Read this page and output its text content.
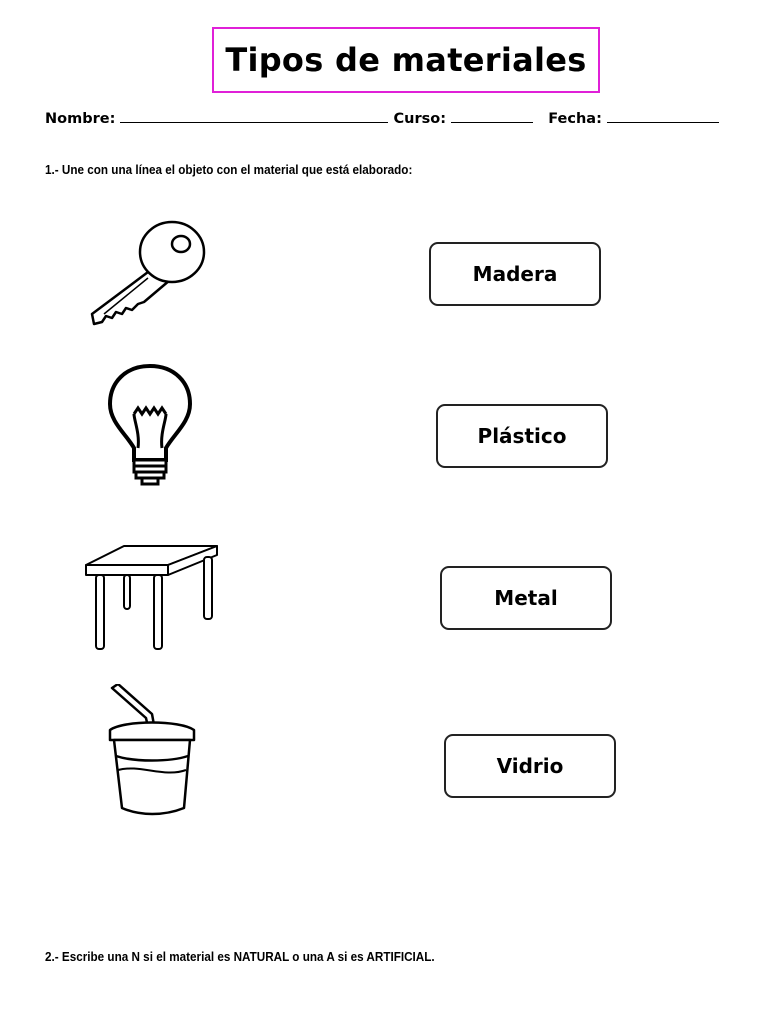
Tipos de materiales
Nombre:	Curso:	Fecha:
1.- Une con una línea el objeto con el material que está elaborado:
Madera
Plástico
Metal
Vidrio
2.- Escribe una N si el material es NATURAL o una A si es ARTIFICIAL.
